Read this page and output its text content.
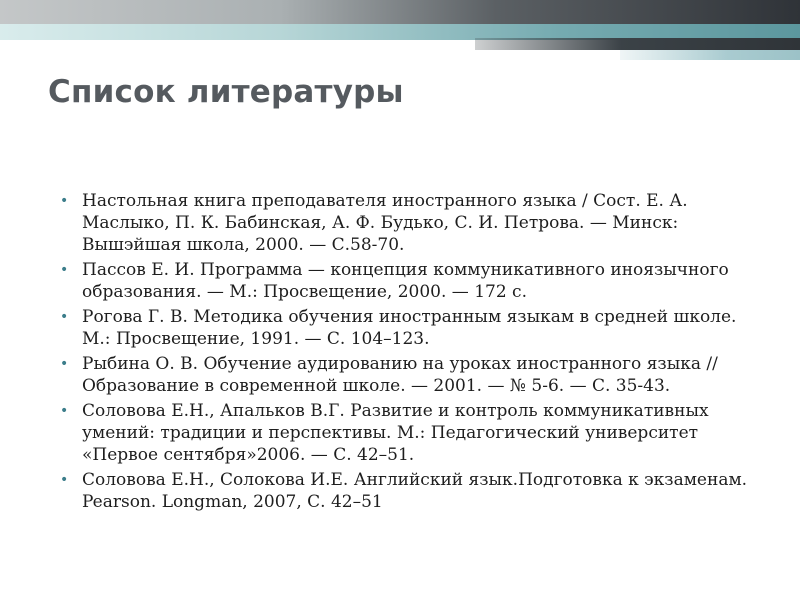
Список литературы
• Настольная книга преподавателя иностранного языка / Сост. Е. А. Маслыко, П. К. Бабинская, А. Ф. Будько, С. И. Петрова. — Минск: Вышэйшая школа, 2000. — С.58-70.
• Пассов Е. И. Программа — концепция коммуникативного иноязычного образования. — М.: Просвещение, 2000. — 172 с.
• Рогова Г. В. Методика обучения иностранным языкам в средней школе. М.: Просвещение, 1991. — С. 104–123.
• Рыбина О. В. Обучение аудированию на уроках иностранного языка // Образование в современной школе. — 2001. — № 5-6. — С. 35-43.
• Соловова Е.Н., Апальков В.Г. Развитие и контроль коммуникативных умений: традиции и перспективы. М.: Педагогический университет «Первое сентября»2006. — С. 42–51.
• Соловова Е.Н., Солокова И.Е. Английский язык.Подготовка к экзаменам. Pearson. Longman, 2007, С. 42–51
